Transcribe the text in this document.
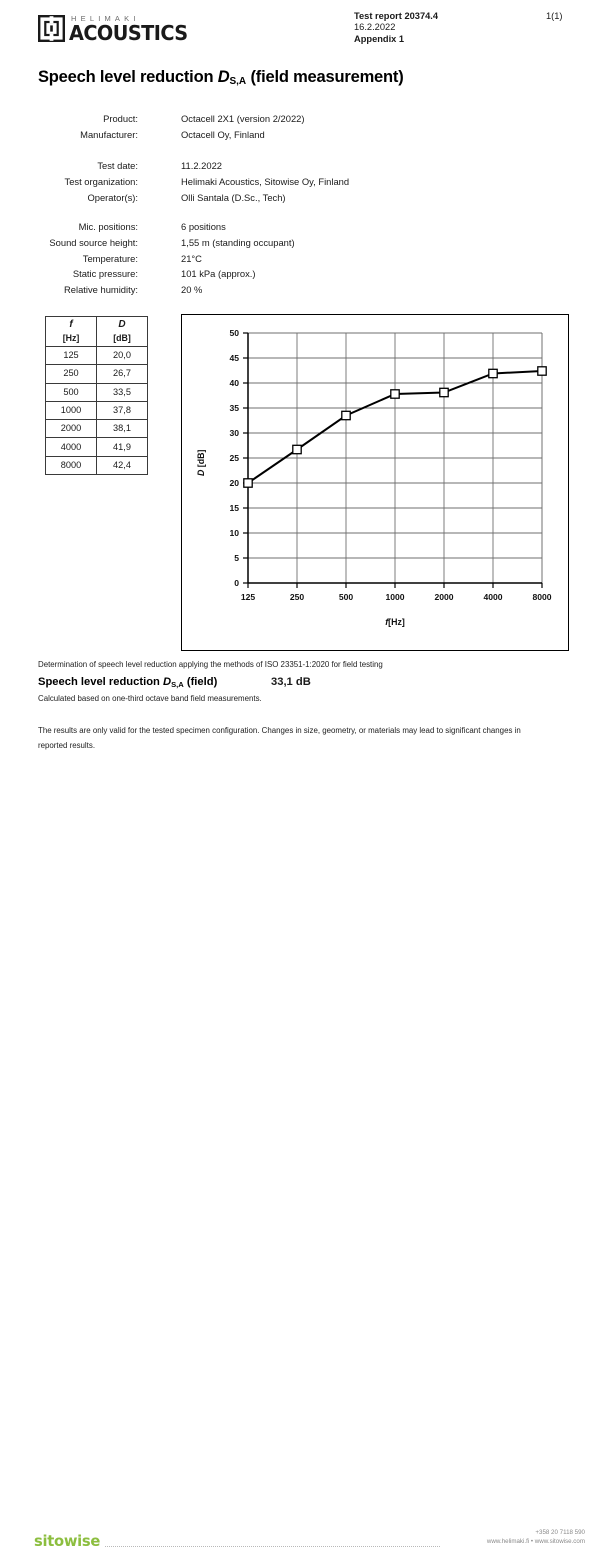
HELIMAKI
ACOUSTICS
Test report 20374.4
16.2.2022
Appendix 1
1(1)
Speech level reduction $D_{S,A}$ (field measurement)
Product:	Octacell 2X1 (version 2/2022)
Manufacturer:	Octacell Oy, Finland
Test date:	11.2.2022
Test organization:	Helimaki Acoustics, Sitowise Oy, Finland
Operator(s):	Olli Santala (D.Sc., Tech)
Mic. positions:	6 positions
Sound source height:	1,55 m (standing occupant)
Temperature:	21°C
Static pressure:	101 kPa (approx.)
Relative humidity:	20 %
f	D
[Hz]	[dB]
125	20,0
250	26,7
500	33,5
1000	37,8
2000	38,1
4000	41,9
8000	42,4
0
5
10
15
20
25
30
35
40
45
50
125	250	500	1000	2000	4000	8000
D [dB]
f[Hz]
Determination of speech level reduction applying the methods of ISO 23351-1:2020 for field testing
Speech level reduction $D_{S,A}$ (field)	33,1 dB
Calculated based on one-third octave band field measurements.
The results are only valid for the tested specimen configuration. Changes in size, geometry, or materials may lead to significant changes in reported results.
sitowise	+358 20 7118 590
www.helimaki.fi • www.sitowise.com
